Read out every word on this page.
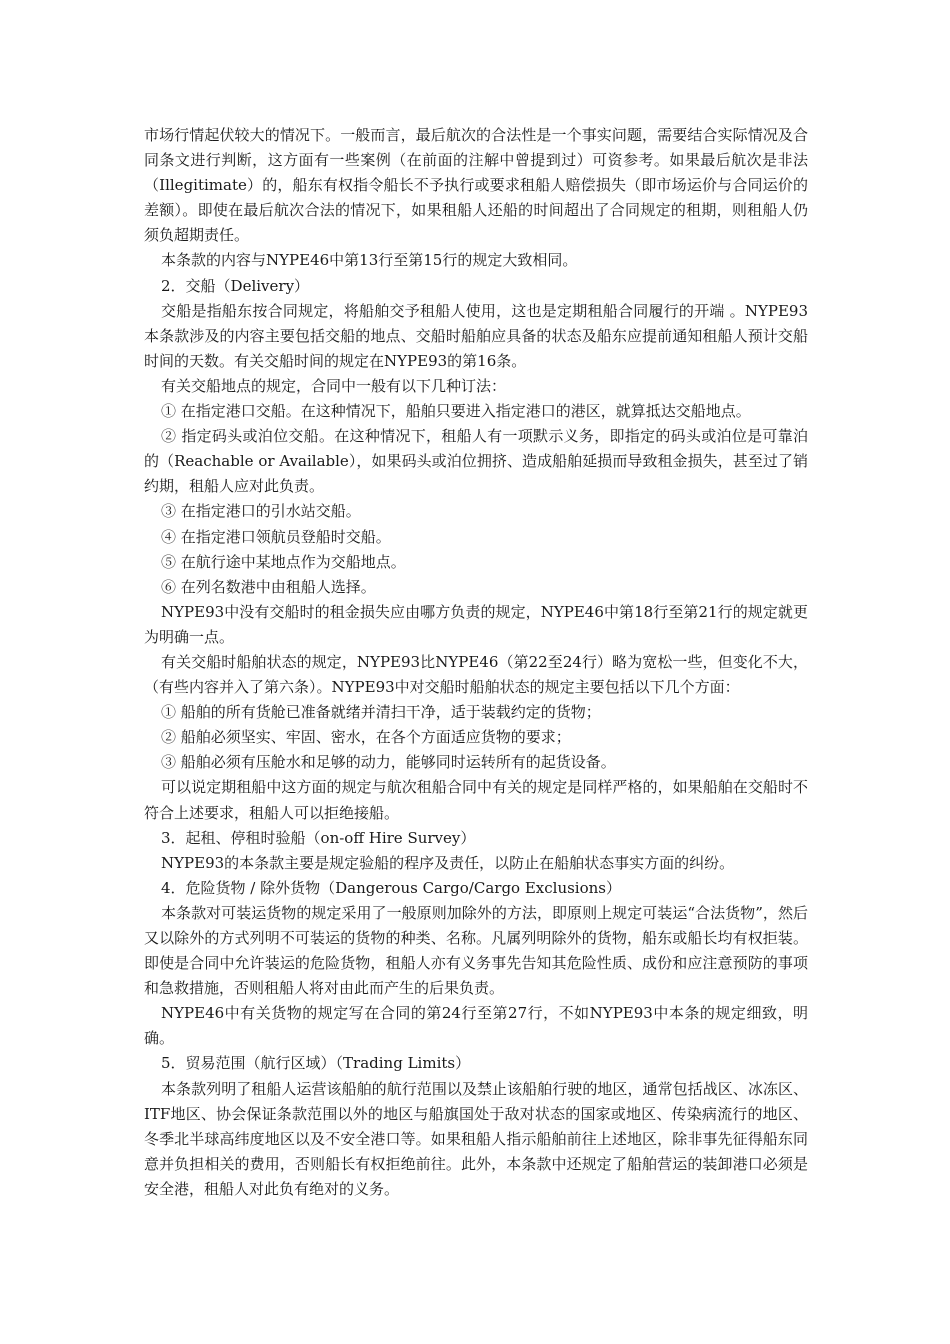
市场行情起伏较大的情况下。一般而言，最后航次的合法性是一个事实问题，需要结合实际情况及合同条文进行判断，这方面有一些案例（在前面的注解中曾提到过）可资参考。如果最后航次是非法（Illegitimate）的，船东有权指令船长不予执行或要求租船人赔偿损失（即市场运价与合同运价的差额）。即使在最后航次合法的情况下，如果租船人还船的时间超出了合同规定的租期，则租船人仍须负超期责任。

本条款的内容与NYPE46中第13行至第15行的规定大致相同。

2．交船（Delivery）

交船是指船东按合同规定，将船舶交予租船人使用，这也是定期租船合同履行的开端 。NYPE93本条款涉及的内容主要包括交船的地点、交船时船舶应具备的状态及船东应提前通知租船人预计交船时间的天数。有关交船时间的规定在NYPE93的第16条。

有关交船地点的规定，合同中一般有以下几种订法：

① 在指定港口交船。在这种情况下，船舶只要进入指定港口的港区，就算抵达交船地点。

② 指定码头或泊位交船。在这种情况下，租船人有一项默示义务，即指定的码头或泊位是可靠泊的（Reachable or Available），如果码头或泊位拥挤、造成船舶延损而导致租金损失，甚至过了销约期，租船人应对此负责。

③ 在指定港口的引水站交船。

④ 在指定港口领航员登船时交船。

⑤ 在航行途中某地点作为交船地点。

⑥ 在列名数港中由租船人选择。

NYPE93中没有交船时的租金损失应由哪方负责的规定，NYPE46中第18行至第21行的规定就更为明确一点。

有关交船时船舶状态的规定，NYPE93比NYPE46（第22至24行）略为宽松一些，但变化不大，（有些内容并入了第六条）。NYPE93中对交船时船舶状态的规定主要包括以下几个方面：

① 船舶的所有货舱已准备就绪并清扫干净，适于装载约定的货物；

② 船舶必须坚实、牢固、密水，在各个方面适应货物的要求；

③ 船舶必须有压舱水和足够的动力，能够同时运转所有的起货设备。

可以说定期租船中这方面的规定与航次租船合同中有关的规定是同样严格的，如果船舶在交船时不符合上述要求，租船人可以拒绝接船。

3．起租、停租时验船（on-off Hire Survey）

NYPE93的本条款主要是规定验船的程序及责任，以防止在船舶状态事实方面的纠纷。

4．危险货物 / 除外货物（Dangerous Cargo/Cargo Exclusions）

本条款对可装运货物的规定采用了一般原则加除外的方法，即原则上规定可装运“合法货物”，然后又以除外的方式列明不可装运的货物的种类、名称。凡属列明除外的货物，船东或船长均有权拒装。即使是合同中允许装运的危险货物，租船人亦有义务事先告知其危险性质、成份和应注意预防的事项和急救措施，否则租船人将对由此而产生的后果负责。

NYPE46中有关货物的规定写在合同的第24行至第27行，不如NYPE93中本条的规定细致，明确。

5．贸易范围（航行区域）（Trading Limits）

本条款列明了租船人运营该船舶的航行范围以及禁止该船舶行驶的地区，通常包括战区、冰冻区、ITF地区、协会保证条款范围以外的地区与船旗国处于敌对状态的国家或地区、传染病流行的地区、冬季北半球高纬度地区以及不安全港口等。如果租船人指示船舶前往上述地区，除非事先征得船东同意并负担相关的费用，否则船长有权拒绝前往。此外，本条款中还规定了船舶营运的装卸港口必须是安全港，租船人对此负有绝对的义务。
